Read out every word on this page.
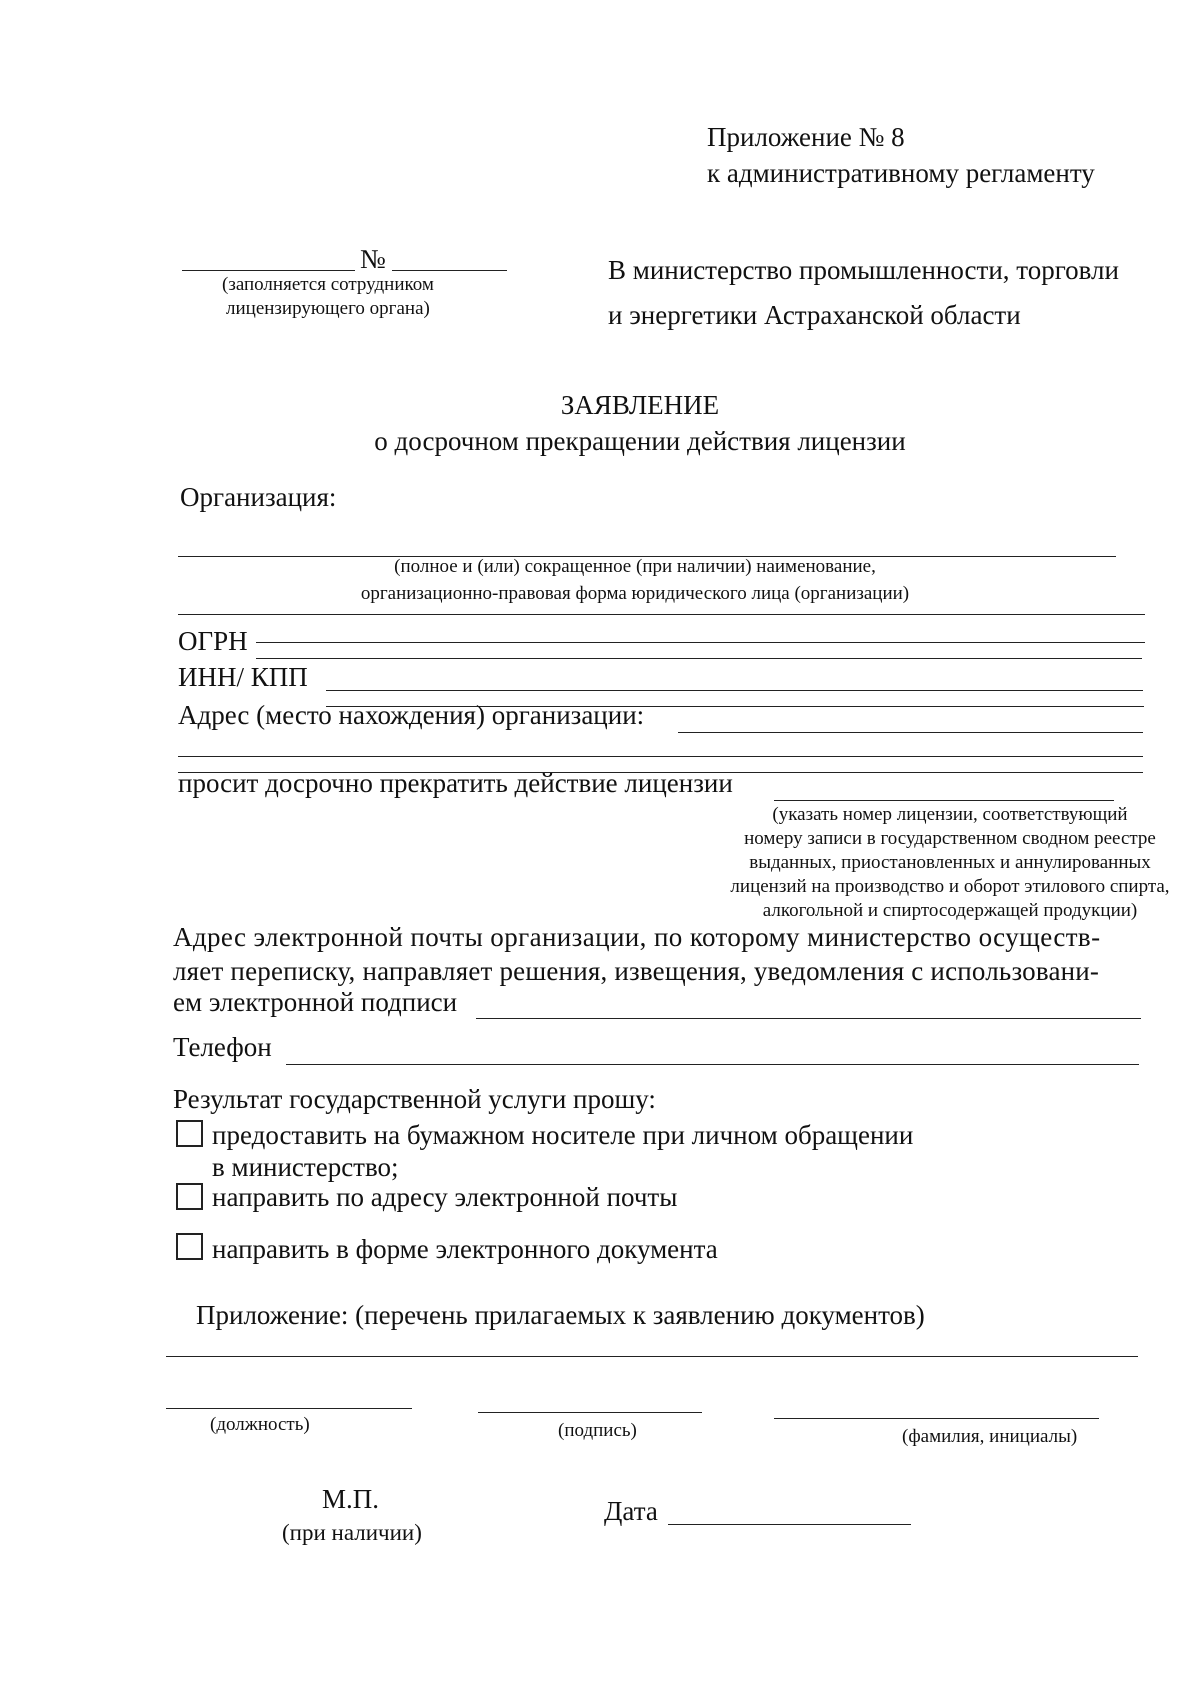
Приложение № 8
к административному регламенту
№
(заполняется сотрудником
лицензирующего органа)
В министерство промышленности, торговли
и энергетики Астраханской области
ЗАЯВЛЕНИЕ
о досрочном прекращении действия лицензии
Организация:
(полное и (или) сокращенное (при наличии) наименование,
организационно-правовая форма юридического лица (организации)
ОГРН
ИНН/ КПП
Адрес (место нахождения) организации:
просит досрочно прекратить действие лицензии
(указать номер лицензии, соответствующий
номеру записи в государственном сводном реестре
выданных, приостановленных и аннулированных
лицензий на производство и оборот этилового спирта,
алкогольной и спиртосодержащей продукции)
Адрес электронной почты организации, по которому министерство осуществ-
ляет переписку, направляет решения, извещения, уведомления с использовани-
ем электронной подписи
Телефон
Результат государственной услуги прошу:
предоставить на бумажном носителе при личном обращении
в министерство;
направить по адресу электронной почты
направить в форме электронного документа
Приложение: (перечень прилагаемых к заявлению документов)
(должность)	(подпись)	(фамилия, инициалы)
М.П.
(при наличии)
Дата
